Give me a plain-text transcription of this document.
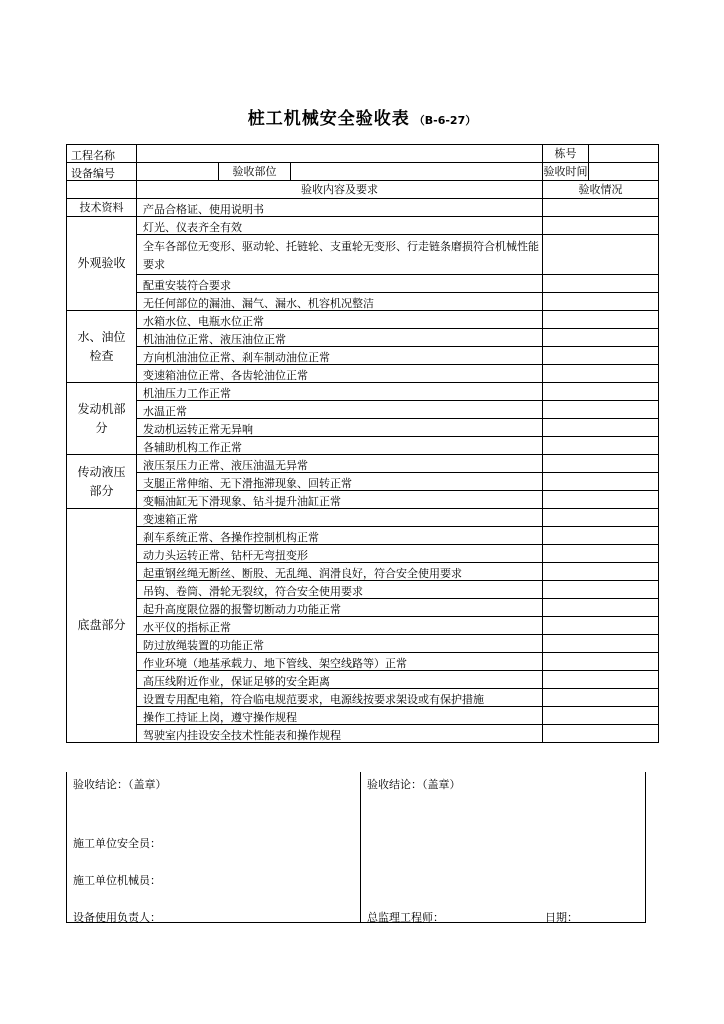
桩工机械安全验收表 （B-6-27）
工程名称				栋号	
设备编号		验收部位		验收时间	
	验收内容及要求			验收情况	
技术资料	产品合格证、使用说明书				
外观验收	灯光、仪表齐全有效				
	全车各部位无变形、驱动轮、托链轮、支重轮无变形、行走链条磨损符合机械性能要求				
	配重安装符合要求				
	无任何部位的漏油、漏气、漏水、机容机况整洁				
水、油位检查	水箱水位、电瓶水位正常				
	机油油位正常、液压油位正常				
	方向机油油位正常、刹车制动油位正常				
	变速箱油位正常、各齿轮油位正常				
发动机部分	机油压力工作正常				
	水温正常				
	发动机运转正常无异响				
	各辅助机构工作正常				
传动液压部分	液压泵压力正常、液压油温无异常				
	支腿正常伸缩、无下滑拖滞现象、回转正常				
	变幅油缸无下滑现象、钻斗提升油缸正常				
底盘部分	变速箱正常				
	刹车系统正常、各操作控制机构正常				
	动力头运转正常、钻杆无弯扭变形				
	起重钢丝绳无断丝、断股、无乱绳、润滑良好，符合安全使用要求				
	吊钩、卷筒、滑轮无裂纹，符合安全使用要求				
	起升高度限位器的报警切断动力功能正常				
	水平仪的指标正常				
	防过放绳装置的功能正常				
	作业环境（地基承载力、地下管线、架空线路等）正常				
	高压线附近作业，保证足够的安全距离				
	设置专用配电箱，符合临电规范要求，电源线按要求架设或有保护措施				
	操作工持证上岗，遵守操作规程				
	驾驶室内挂设安全技术性能表和操作规程				
验收结论：（盖章）	验收结论：（盖章）
施工单位安全员：
施工单位机械员：
设备使用负责人：	总监理工程师：	日期：
